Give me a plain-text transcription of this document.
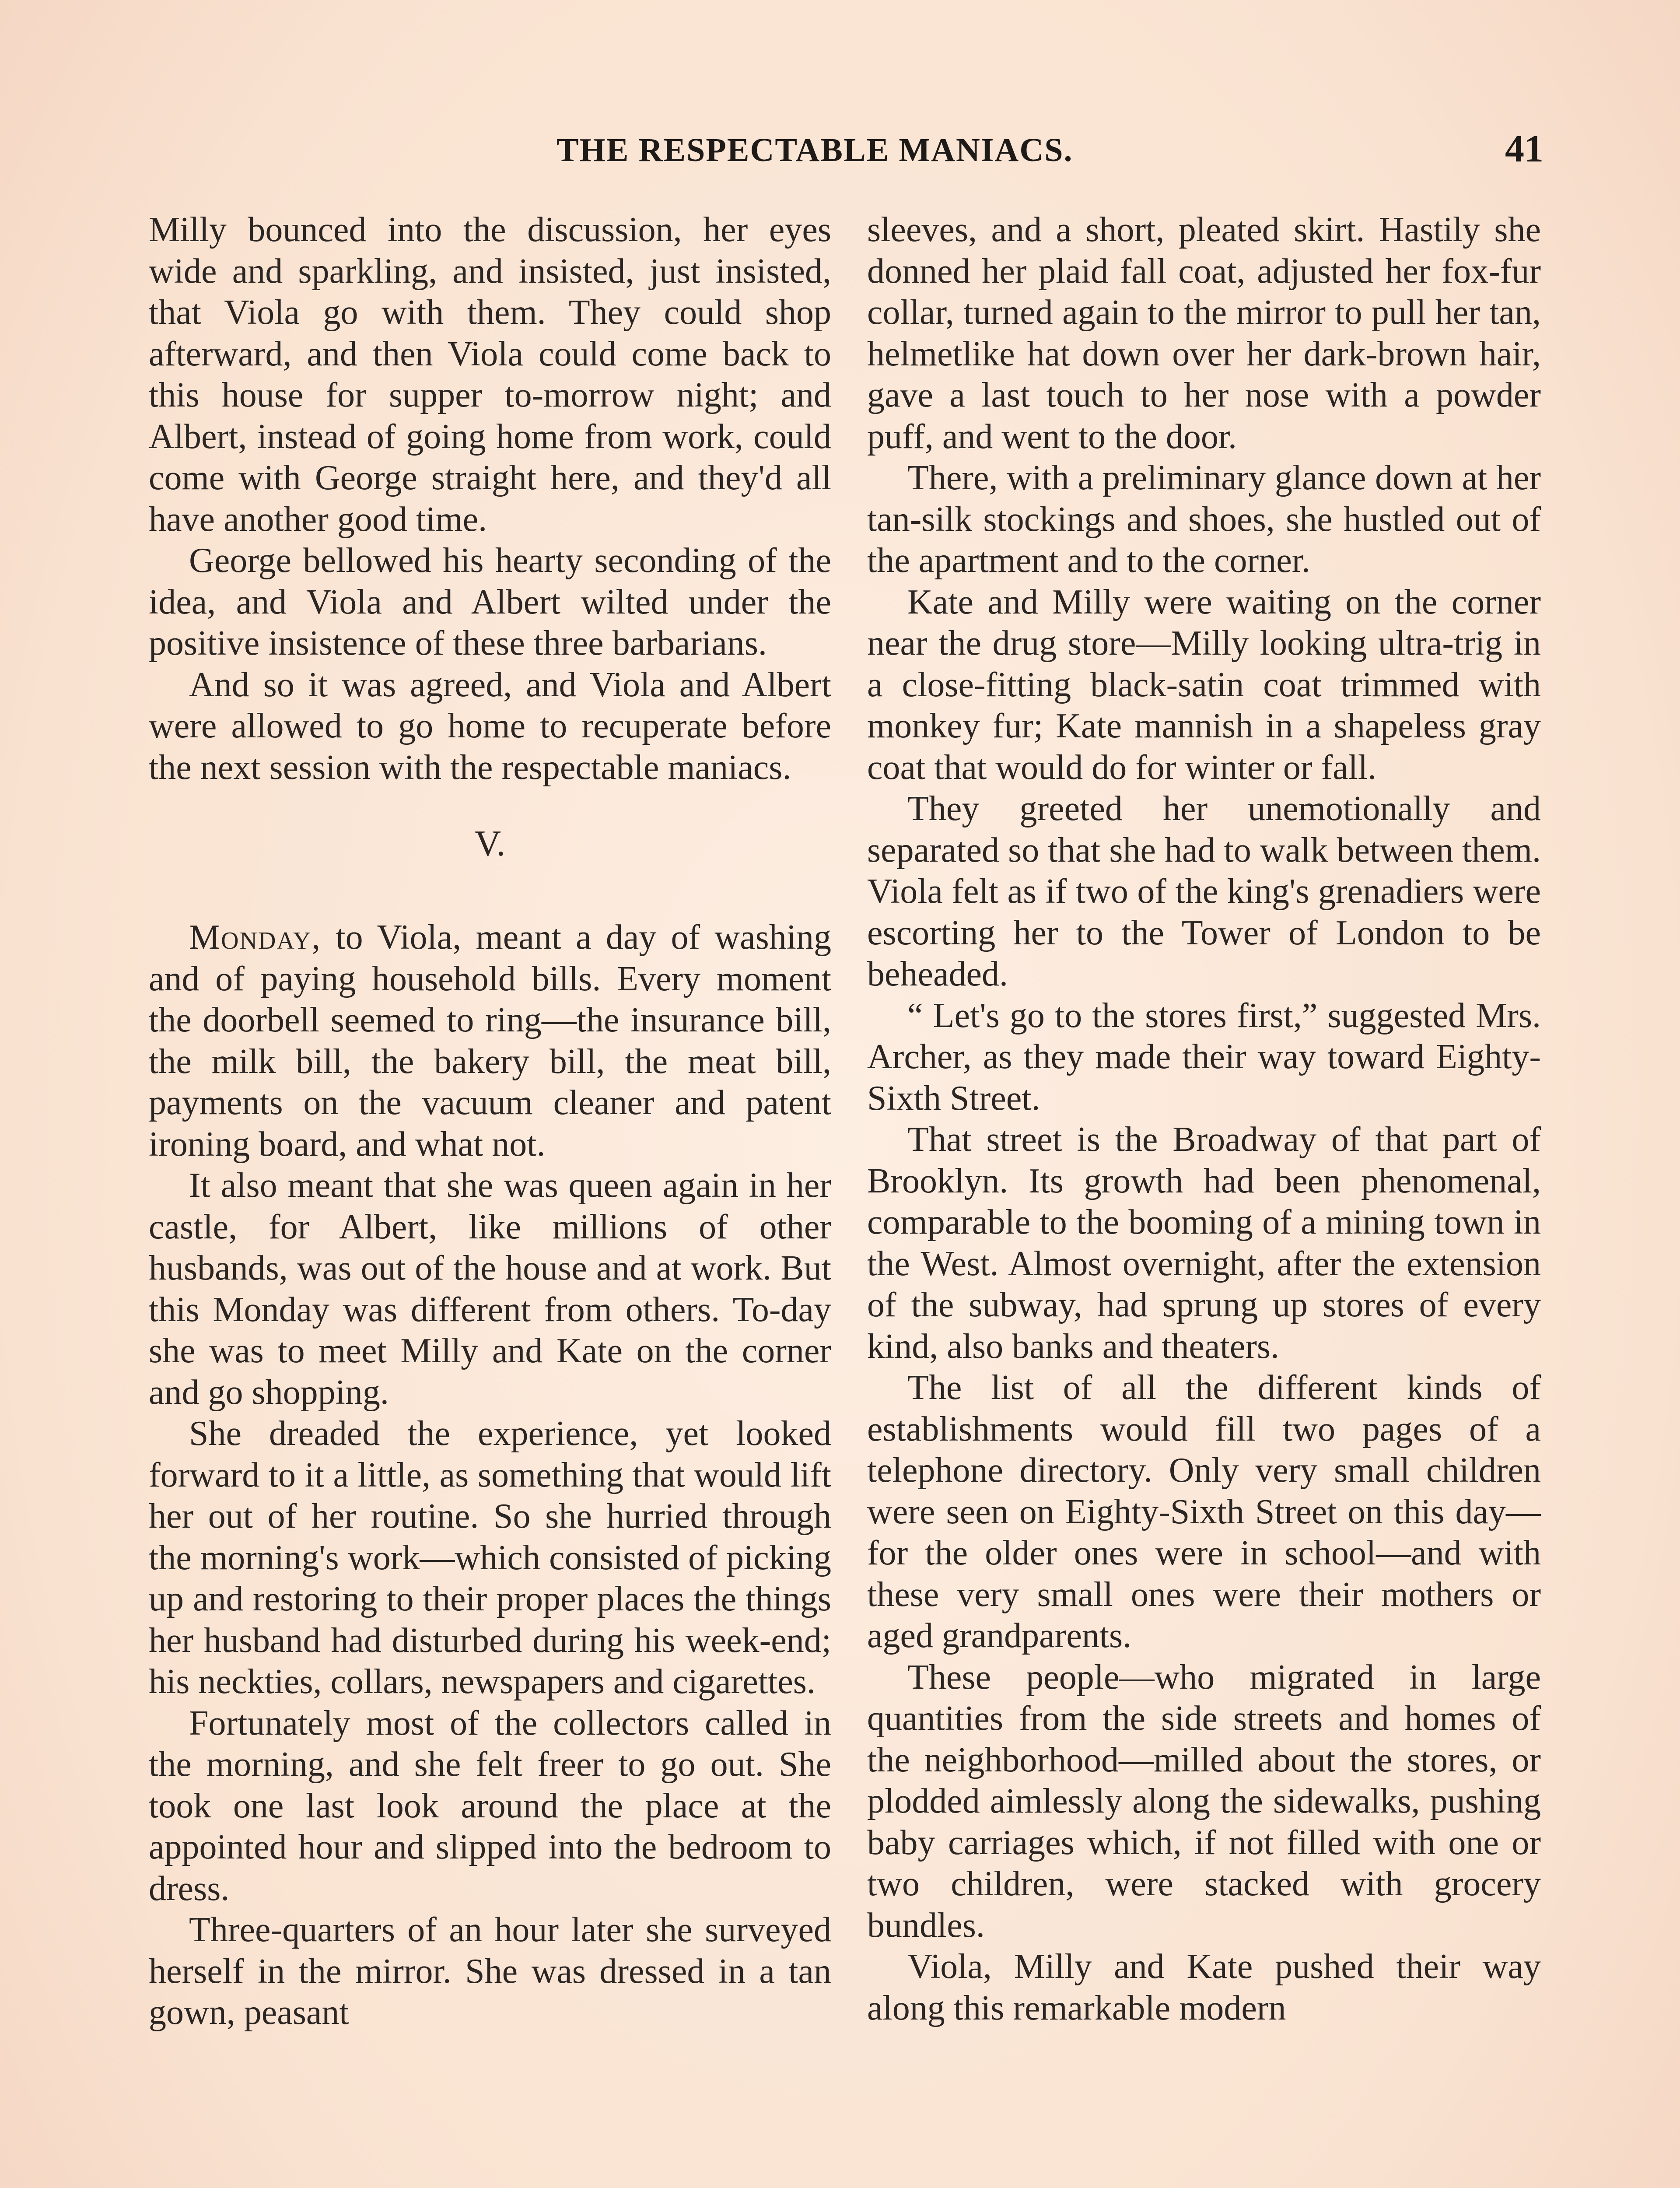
THE RESPECTABLE MANIACS.	41

Milly bounced into the discussion, her eyes wide and sparkling, and insisted, just insisted, that Viola go with them. They could shop afterward, and then Viola could come back to this house for supper to-morrow night; and Albert, instead of going home from work, could come with George straight here, and they'd all have another good time.

George bellowed his hearty seconding of the idea, and Viola and Albert wilted under the positive insistence of these three barbarians.

And so it was agreed, and Viola and Albert were allowed to go home to recuperate before the next session with the respectable maniacs.

V.

Monday, to Viola, meant a day of washing and of paying household bills. Every moment the doorbell seemed to ring—the insurance bill, the milk bill, the bakery bill, the meat bill, payments on the vacuum cleaner and patent ironing board, and what not.

It also meant that she was queen again in her castle, for Albert, like millions of other husbands, was out of the house and at work. But this Monday was different from others. To-day she was to meet Milly and Kate on the corner and go shopping.

She dreaded the experience, yet looked forward to it a little, as something that would lift her out of her routine. So she hurried through the morning's work—which consisted of picking up and restoring to their proper places the things her husband had disturbed during his week-end; his neckties, collars, newspapers and cigarettes.

Fortunately most of the collectors called in the morning, and she felt freer to go out. She took one last look around the place at the appointed hour and slipped into the bedroom to dress.

Three-quarters of an hour later she surveyed herself in the mirror. She was dressed in a tan gown, peasant

sleeves, and a short, pleated skirt. Hastily she donned her plaid fall coat, adjusted her fox-fur collar, turned again to the mirror to pull her tan, helmetlike hat down over her dark-brown hair, gave a last touch to her nose with a powder puff, and went to the door.

There, with a preliminary glance down at her tan-silk stockings and shoes, she hustled out of the apartment and to the corner.

Kate and Milly were waiting on the corner near the drug store—Milly looking ultra-trig in a close-fitting black-satin coat trimmed with monkey fur; Kate mannish in a shapeless gray coat that would do for winter or fall.

They greeted her unemotionally and separated so that she had to walk between them. Viola felt as if two of the king's grenadiers were escorting her to the Tower of London to be beheaded.

“ Let's go to the stores first,” suggested Mrs. Archer, as they made their way toward Eighty-Sixth Street.

That street is the Broadway of that part of Brooklyn. Its growth had been phenomenal, comparable to the booming of a mining town in the West. Almost overnight, after the extension of the subway, had sprung up stores of every kind, also banks and theaters.

The list of all the different kinds of establishments would fill two pages of a telephone directory. Only very small children were seen on Eighty-Sixth Street on this day—for the older ones were in school—and with these very small ones were their mothers or aged grandparents.

These people—who migrated in large quantities from the side streets and homes of the neighborhood—milled about the stores, or plodded aimlessly along the sidewalks, pushing baby carriages which, if not filled with one or two children, were stacked with grocery bundles.

Viola, Milly and Kate pushed their way along this remarkable modern
